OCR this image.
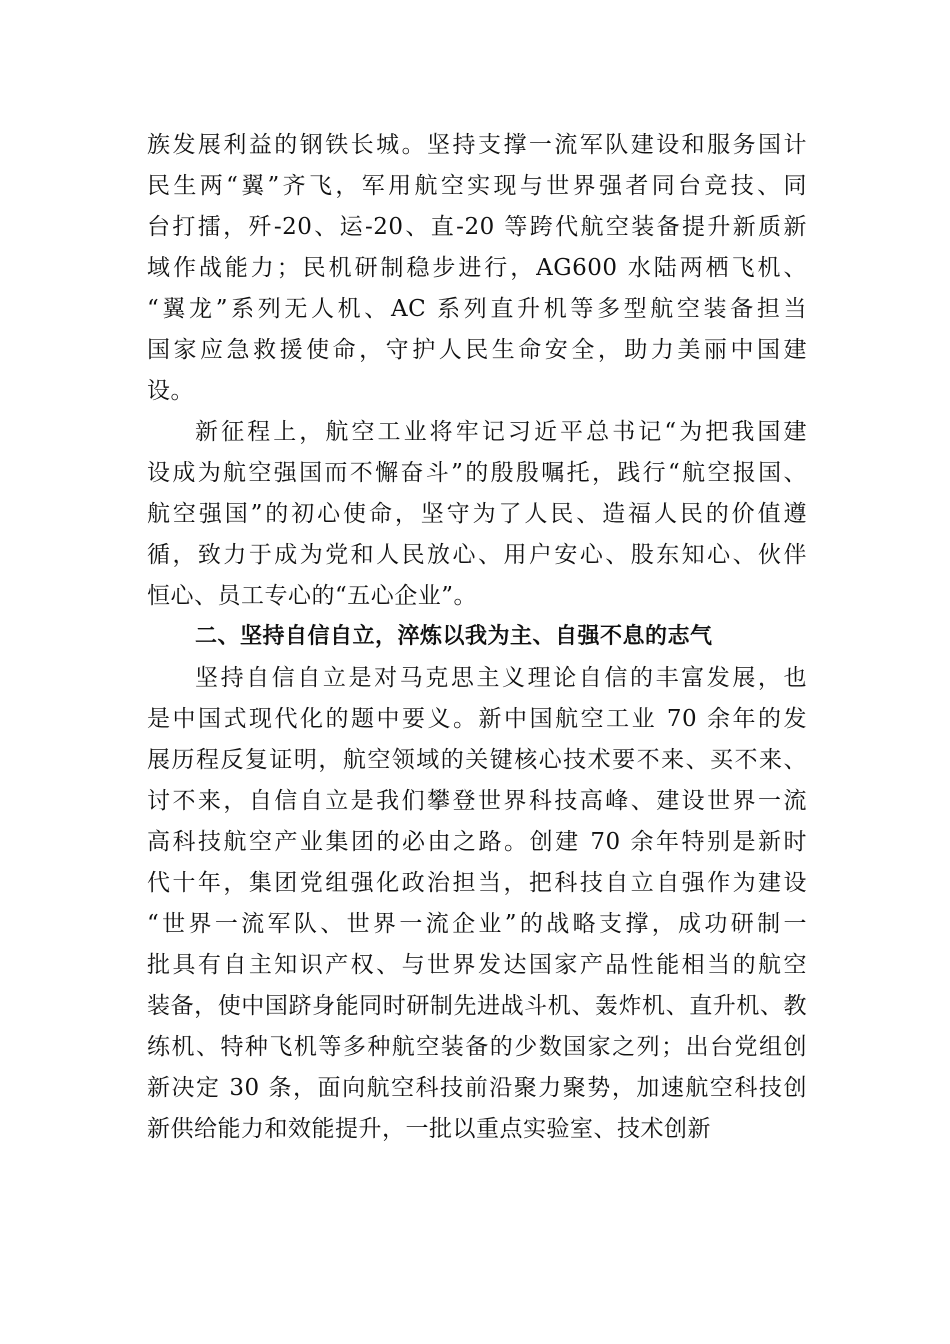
族发展利益的钢铁长城。坚持支撑一流军队建设和服务国计
民生两“翼”齐飞，军用航空实现与世界强者同台竞技、同
台打擂，歼-20、运-20、直-20 等跨代航空装备提升新质新
域作战能力；民机研制稳步进行，AG600 水陆两栖飞机、
“翼龙”系列无人机、AC 系列直升机等多型航空装备担当
国家应急救援使命，守护人民生命安全，助力美丽中国建
设。
新征程上，航空工业将牢记习近平总书记“为把我国建
设成为航空强国而不懈奋斗”的殷殷嘱托，践行“航空报国、
航空强国”的初心使命，坚守为了人民、造福人民的价值遵
循，致力于成为党和人民放心、用户安心、股东知心、伙伴
恒心、员工专心的“五心企业”。
二、坚持自信自立，淬炼以我为主、自强不息的志气
坚持自信自立是对马克思主义理论自信的丰富发展，也
是中国式现代化的题中要义。新中国航空工业 70 余年的发
展历程反复证明，航空领域的关键核心技术要不来、买不来、
讨不来，自信自立是我们攀登世界科技高峰、建设世界一流
高科技航空产业集团的必由之路。创建 70 余年特别是新时
代十年，集团党组强化政治担当，把科技自立自强作为建设
“世界一流军队、世界一流企业”的战略支撑，成功研制一
批具有自主知识产权、与世界发达国家产品性能相当的航空
装备，使中国跻身能同时研制先进战斗机、轰炸机、直升机、教
练机、特种飞机等多种航空装备的少数国家之列；出台党组创
新决定 30 条，面向航空科技前沿聚力聚势，加速航空科技创
新供给能力和效能提升，一批以重点实验室、技术创新
